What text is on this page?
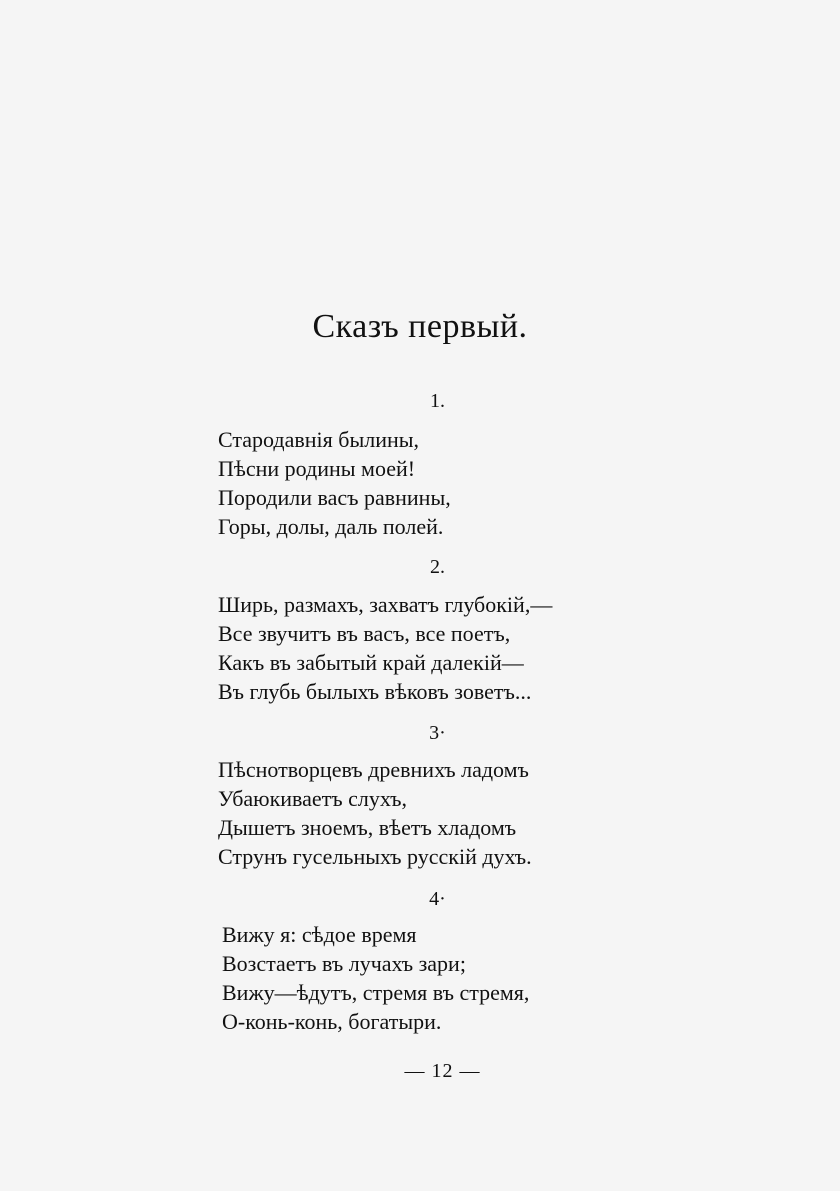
Сказъ первый.
1.
Стародавнія былины,
Пѣсни родины моей!
Породили васъ равнины,
Горы, долы, даль полей.
2.
Ширь, размахъ, захватъ глубокій,—
Все звучитъ въ васъ, все поетъ,
Какъ въ забытый край далекій—
Въ глубь былыхъ вѣковъ зоветъ...
3·
Пѣснотворцевъ древнихъ ладомъ
Убаюкиваетъ слухъ,
Дышетъ зноемъ, вѣетъ хладомъ
Струнъ гусельныхъ русскій духъ.
4·
Вижу я: сѣдое время
Возстаетъ въ лучахъ зари;
Вижу—ѣдутъ, стремя въ стремя,
О-конь-конь, богатыри.
— 12 —
